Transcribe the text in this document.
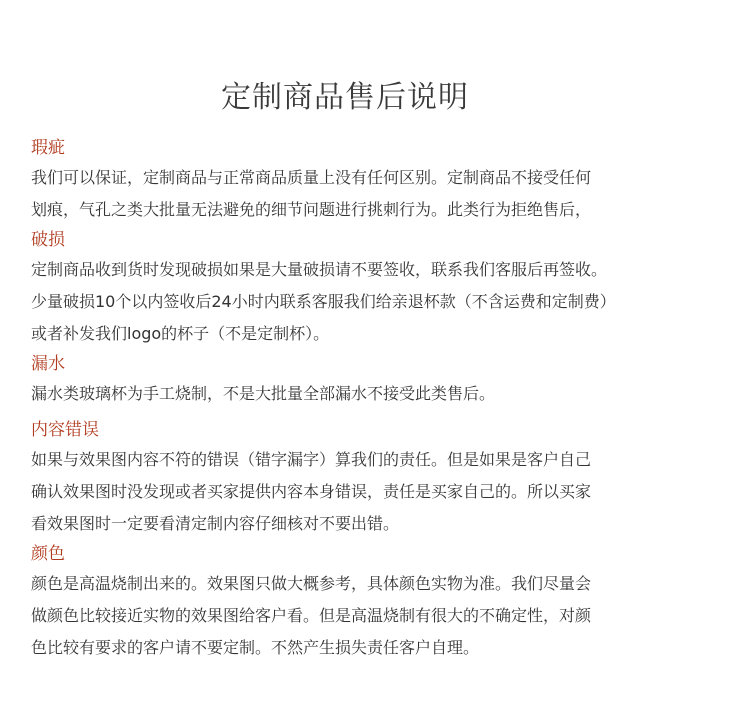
定制商品售后说明
瑕疵
我们可以保证，定制商品与正常商品质量上没有任何区别。定制商品不接受任何
划痕，气孔之类大批量无法避免的细节问题进行挑刺行为。此类行为拒绝售后，
破损
定制商品收到货时发现破损如果是大量破损请不要签收，联系我们客服后再签收。
少量破损10个以内签收后24小时内联系客服我们给亲退杯款（不含运费和定制费）
或者补发我们logo的杯子（不是定制杯）。
漏水
漏水类玻璃杯为手工烧制，不是大批量全部漏水不接受此类售后。
内容错误
如果与效果图内容不符的错误（错字漏字）算我们的责任。但是如果是客户自己
确认效果图时没发现或者买家提供内容本身错误，责任是买家自己的。所以买家
看效果图时一定要看清定制内容仔细核对不要出错。
颜色
颜色是高温烧制出来的。效果图只做大概参考，具体颜色实物为准。我们尽量会
做颜色比较接近实物的效果图给客户看。但是高温烧制有很大的不确定性，对颜
色比较有要求的客户请不要定制。不然产生损失责任客户自理。
